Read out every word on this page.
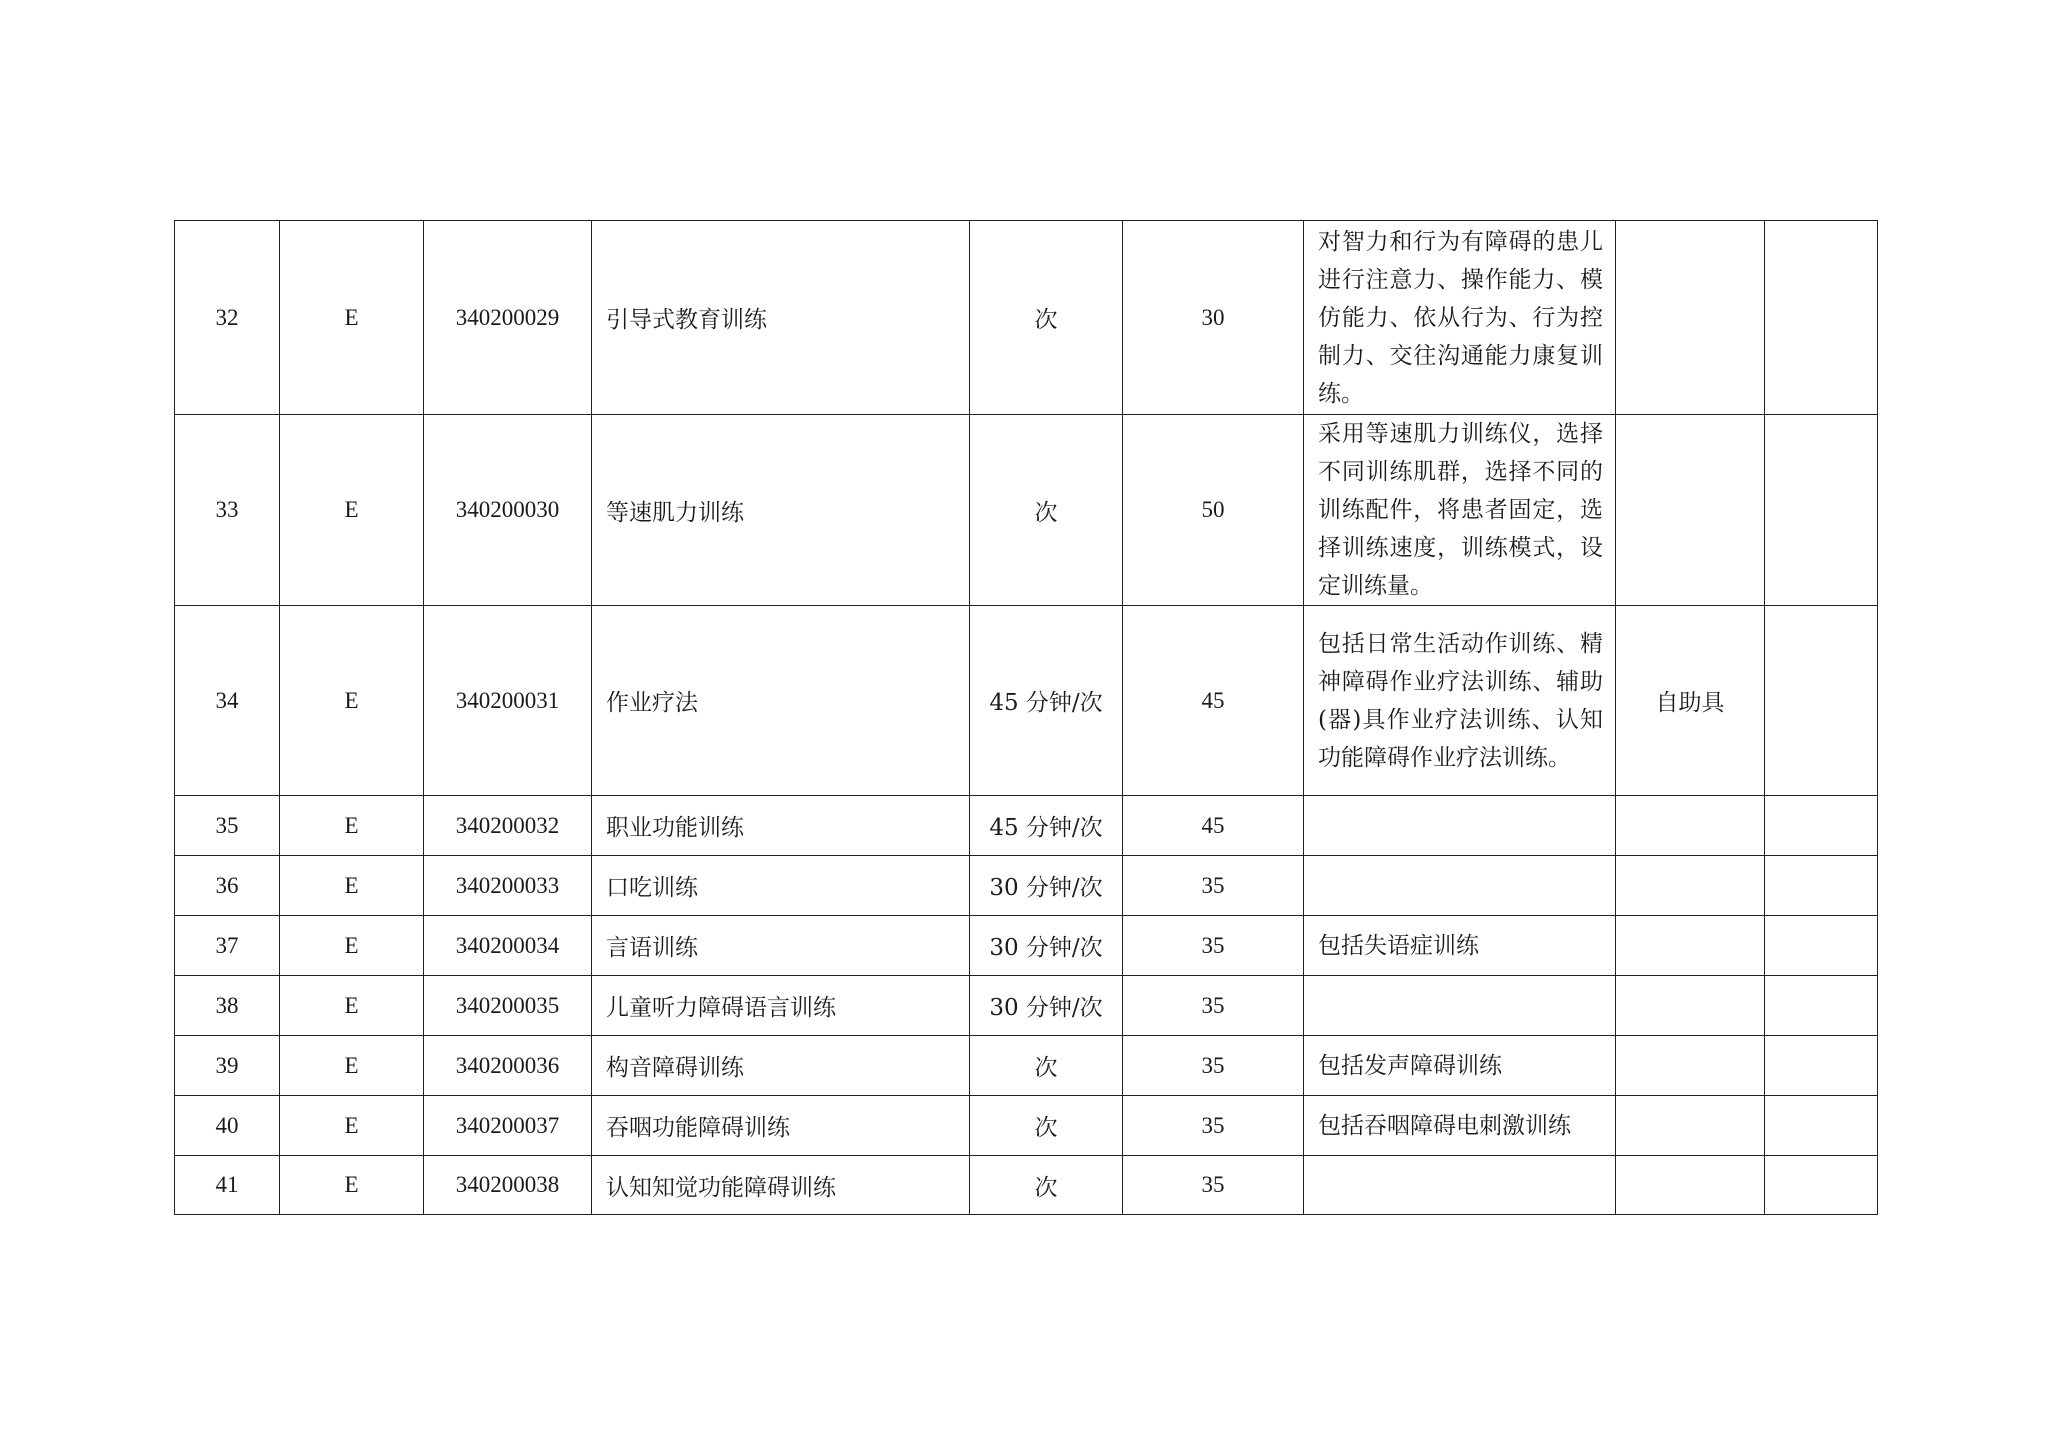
32	E	340200029	引导式教育训练	次	30	对智力和行为有障碍的患儿进行注意力、操作能力、模仿能力、依从行为、行为控制力、交往沟通能力康复训练。		
33	E	340200030	等速肌力训练	次	50	采用等速肌力训练仪，选择不同训练肌群，选择不同的训练配件，将患者固定，选择训练速度，训练模式，设定训练量。		
34	E	340200031	作业疗法	45 分钟/次	45	包括日常生活动作训练、精神障碍作业疗法训练、辅助(器)具作业疗法训练、认知功能障碍作业疗法训练。	自助具	
35	E	340200032	职业功能训练	45 分钟/次	45			
36	E	340200033	口吃训练	30 分钟/次	35			
37	E	340200034	言语训练	30 分钟/次	35	包括失语症训练		
38	E	340200035	儿童听力障碍语言训练	30 分钟/次	35			
39	E	340200036	构音障碍训练	次	35	包括发声障碍训练		
40	E	340200037	吞咽功能障碍训练	次	35	包括吞咽障碍电刺激训练		
41	E	340200038	认知知觉功能障碍训练	次	35			
